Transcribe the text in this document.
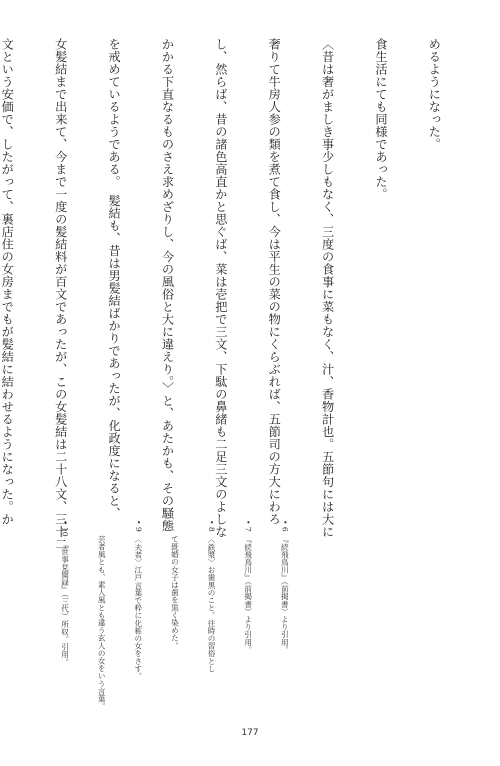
めるようになった。

食生活にても同様であった。

〈昔は奢がましき事少しもなく、三度の食事に菜もなく、汁、香物計也。五節句には大に

奢りて牛房人参の類を煮て食し、今は平生の菜の物にくらぶれば、五節司の方大にわろ

し、然らば、昔の諸色高直かと思ぐば、菜は壱把で三文、下駄の鼻緒も二足三文のよしな

かかる下直なるものさえ求めざりし、今の風俗と大に違えり。〉と、あたかも、その騒態

を戒めているようである。　髪結も、昔は男髪結ばかりであったが、化政度になると、

女髪結まで出来て、今まで一度の髪結料が百文であったが、この女髪結は二十八文、三十二

文という安価で、したがって、裏店住の女房までもが髪結に結わせるようになった。か

• 6　『続飛鳥川』（前掲書）より引用。

• 7　『続飛鳥川』（前掲書）より引用。

• 8　〈鉄漿〉お歯黒のこと。往時の習俗とし

　　て既婚の女子は歯を黒く染めた。

• 9　〈夫者〉江戸言葉で粋に化粧の女をさす。

　　芸者風とも、素人風とも違う玄人の女をいう言葉。

• 10　『世事見聞録』（三代）所収。引用。

177
